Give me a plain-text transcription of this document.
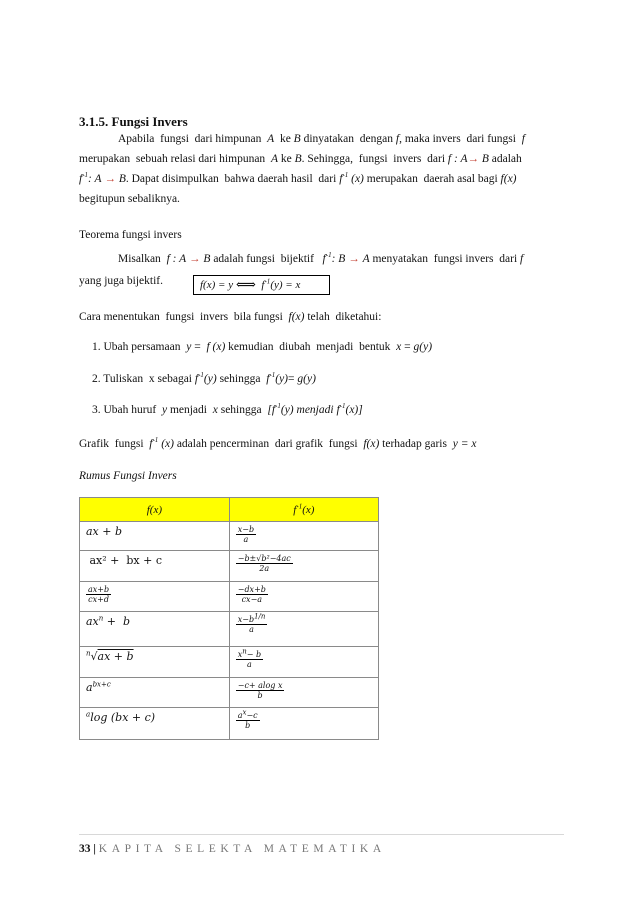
3.1.5. Fungsi Invers
Apabila  fungsi  dari himpunan  A  ke B dinyatakan  dengan f, maka invers  dari fungsi  f
merupakan  sebuah relasi dari himpunan  A ke B. Sehingga,  fungsi  invers  dari f : A→ B adalah
$f^{-1}$: A → B. Dapat disimpulkan  bahwa daerah hasil  dari $f^{-1}$ (x) merupakan  daerah asal bagi f(x)
begitupun sebaliknya.
Teorema fungsi invers
Misalkan  f : A → B adalah fungsi  bijektif   $f^{-1}$: B → A menyatakan  fungsi invers  dari f
yang juga bijektif.	f(x) = y
⟺
$f^{-1}(y) = x$
Cara menentukan  fungsi  invers  bila fungsi  f(x) telah  diketahui:
1. Ubah persamaan  y =  f (x) kemudian  diubah  menjadi  bentuk  x = g(y)
2. Tuliskan  x sebagai $f^{-1}(y)$ sehingga  $f^{-1}(y)= g(y)$
3. Ubah huruf  y menjadi  x sehingga  [$f^{-1}(y)$ menjadi $f^{-1}(x)$]
Grafik  fungsi  $f^{-1}$ (x) adalah pencerminan  dari grafik  fungsi  f(x) terhadap garis  y = x
Rumus Fungsi Invers
f(x)	$f^{-1}(x)$
ax + b	$\frac{x-b}{a}$

ax² +  bx + c	$\frac{\text{−b±√b²−4ac}}{2a}$

$\frac{ax+b}{cx+d}$	$\frac{-dx+b}{cx-a}$

$ax^n + b$	$\frac{x-b^{1/n}}{a}$

$^n$√ax + b	$\frac{x^n- b}{a}$

$a^{bx+c}$	$\frac{\text{−c+ alog x}}{b}$

$^a$log (bx + c)	$\frac{a^x-c}{b}$
33 | KAPITA SELEKTA MATEMATIKA
